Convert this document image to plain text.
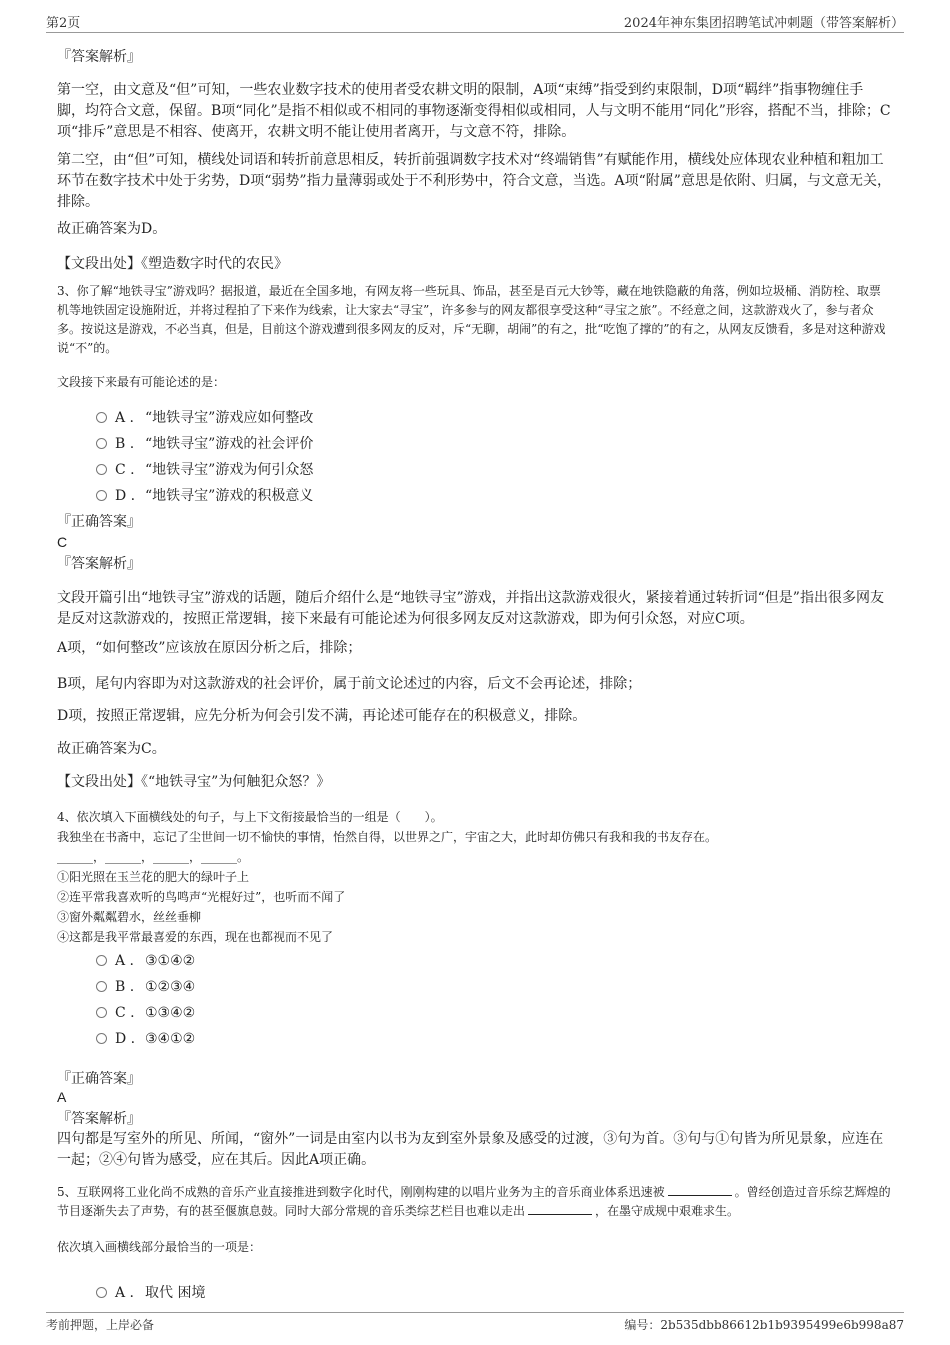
第2页	2024年神东集团招聘笔试冲刺题（带答案解析）
『答案解析』
第一空，由文意及“但”可知，一些农业数字技术的使用者受农耕文明的限制，A项“束缚”指受到约束限制，D项“羁绊”指事物缠住手脚，均符合文意，保留。B项“同化”是指不相似或不相同的事物逐渐变得相似或相同，人与文明不能用“同化”形容，搭配不当，排除；C项“排斥”意思是不相容、使离开，农耕文明不能让使用者离开，与文意不符，排除。
第二空，由“但”可知，横线处词语和转折前意思相反，转折前强调数字技术对“终端销售”有赋能作用，横线处应体现农业种植和粗加工环节在数字技术中处于劣势，D项“弱势”指力量薄弱或处于不利形势中，符合文意，当选。A项“附属”意思是依附、归属，与文意无关，排除。
故正确答案为D。
【文段出处】《塑造数字时代的农民》
3、你了解“地铁寻宝”游戏吗？据报道，最近在全国多地，有网友将一些玩具、饰品，甚至是百元大钞等，藏在地铁隐蔽的角落，例如垃圾桶、消防栓、取票机等地铁固定设施附近，并将过程拍了下来作为线索，让大家去“寻宝”，许多参与的网友都很享受这种“寻宝之旅”。不经意之间，这款游戏火了，参与者众多。按说这是游戏，不必当真，但是，目前这个游戏遭到很多网友的反对，斥“无聊，胡闹”的有之，批“吃饱了撑的”的有之，从网友反馈看，多是对这种游戏说“不”的。
文段接下来最有可能论述的是：
A . “地铁寻宝”游戏应如何整改
B . “地铁寻宝”游戏的社会评价
C . “地铁寻宝”游戏为何引众怒
D . “地铁寻宝”游戏的积极意义
『正确答案』
C
『答案解析』
文段开篇引出“地铁寻宝”游戏的话题，随后介绍什么是“地铁寻宝”游戏，并指出这款游戏很火，紧接着通过转折词“但是”指出很多网友是反对这款游戏的，按照正常逻辑，接下来最有可能论述为何很多网友反对这款游戏，即为何引众怒，对应C项。
A项，“如何整改”应该放在原因分析之后，排除；
B项，尾句内容即为对这款游戏的社会评价，属于前文论述过的内容，后文不会再论述，排除；
D项，按照正常逻辑，应先分析为何会引发不满，再论述可能存在的积极意义，排除。
故正确答案为C。
【文段出处】《“地铁寻宝”为何触犯众怒？》
4、依次填入下面横线处的句子，与上下文衔接最恰当的一组是（　　）。
我独坐在书斋中，忘记了尘世间一切不愉快的事情，怡然自得，以世界之广，宇宙之大，此时却仿佛只有我和我的书友存在。
______，______，______，______。
①阳光照在玉兰花的肥大的绿叶子上
②连平常我喜欢听的鸟鸣声“光棍好过”，也听而不闻了
③窗外粼粼碧水，丝丝垂柳
④这都是我平常最喜爱的东西，现在也都视而不见了
A . ③①④②
B . ①②③④
C . ①③④②
D . ③④①②
『正确答案』
A
『答案解析』
四句都是写室外的所见、所闻，“窗外”一词是由室内以书为友到室外景象及感受的过渡，③句为首。③句与①句皆为所见景象，应连在一起；②④句皆为感受，应在其后。因此A项正确。
5、互联网将工业化尚不成熟的音乐产业直接推进到数字化时代，刚刚构建的以唱片业务为主的音乐商业体系迅速被	。曾经创造过音乐综艺辉煌的节目逐渐失去了声势，有的甚至偃旗息鼓。同时大部分常规的音乐类综艺栏目也难以走出	，在墨守成规中艰难求生。
依次填入画横线部分最恰当的一项是：
A . 取代 困境
考前押题，上岸必备	编号：2b535dbb86612b1b9395499e6b998a87
